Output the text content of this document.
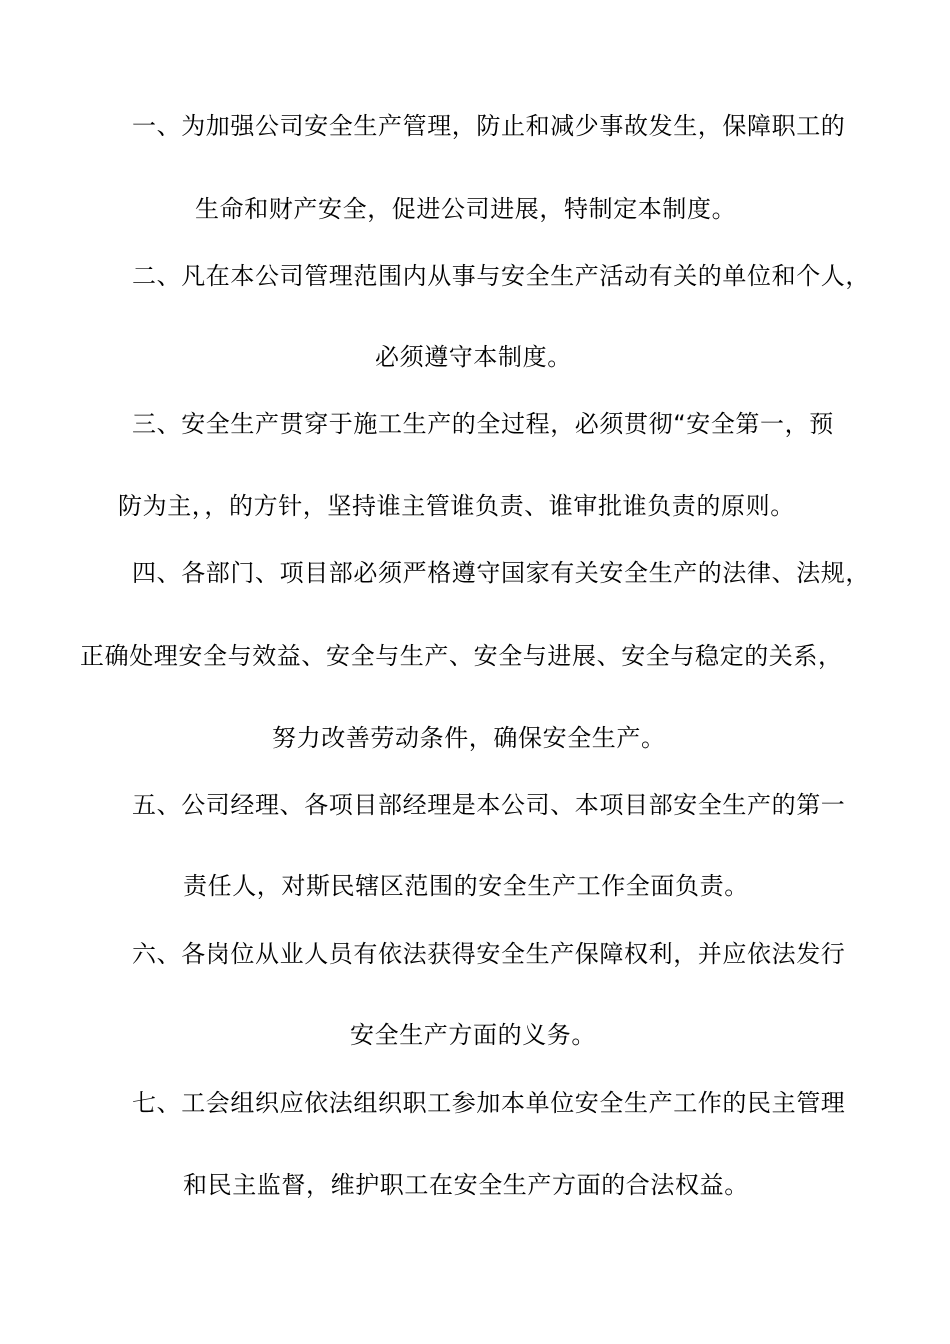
一、为加强公司安全生产管理，防止和减少事故发生，保障职工的
生命和财产安全，促进公司进展，特制定本制度。
二、凡在本公司管理范围内从事与安全生产活动有关的单位和个人，
必须遵守本制度。
三、安全生产贯穿于施工生产的全过程，必须贯彻“安全第一，预
防为主，，的方针，坚持谁主管谁负责、谁审批谁负责的原则。
四、各部门、项目部必须严格遵守国家有关安全生产的法律、法规，
正确处理安全与效益、安全与生产、安全与进展、安全与稳定的关系，
努力改善劳动条件，确保安全生产。
五、公司经理、各项目部经理是本公司、本项目部安全生产的第一
责任人，对斯民辖区范围的安全生产工作全面负责。
六、各岗位从业人员有依法获得安全生产保障权利，并应依法发行
安全生产方面的义务。
七、工会组织应依法组织职工参加本单位安全生产工作的民主管理
和民主监督，维护职工在安全生产方面的合法权益。
